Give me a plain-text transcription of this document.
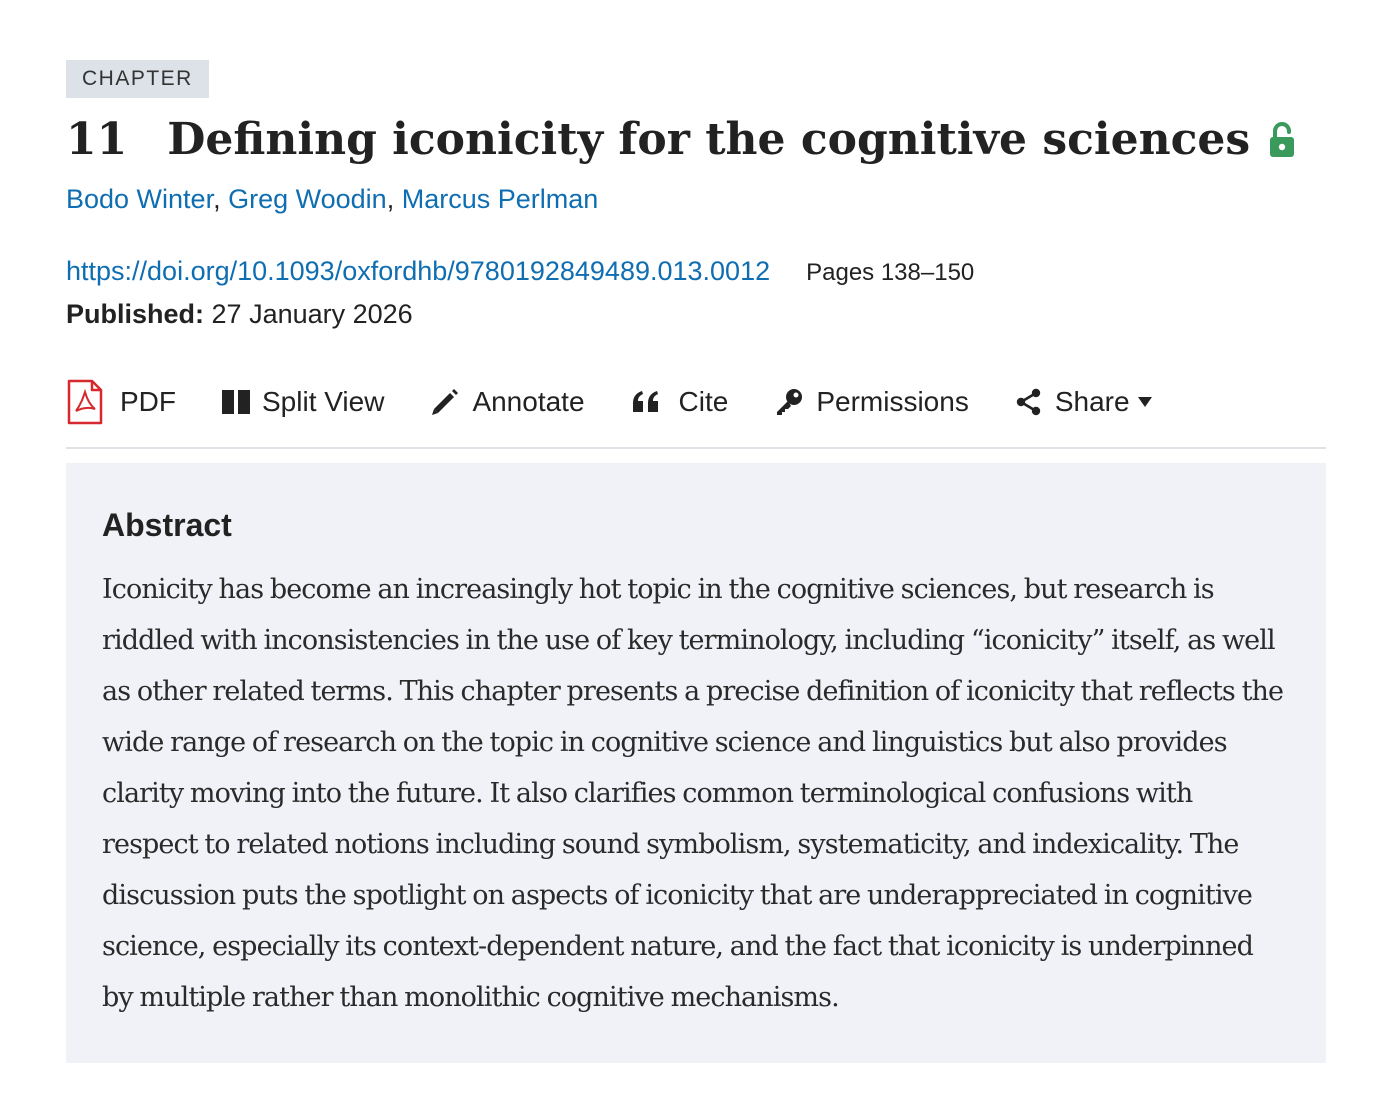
CHAPTER
11 Defining iconicity for the cognitive sciences
Bodo Winter, Greg Woodin, Marcus Perlman
https://doi.org/10.1093/oxfordhb/9780192849489.013.0012 Pages 138–150
Published: 27 January 2026
PDF	Split View	Annotate	Cite	Permissions	Share
Abstract

Iconicity has become an increasingly hot topic in the cognitive sciences, but research is riddled with inconsistencies in the use of key terminology, including “iconicity” itself, as well as other related terms. This chapter presents a precise definition of iconicity that reflects the wide range of research on the topic in cognitive science and linguistics but also provides clarity moving into the future. It also clarifies common terminological confusions with respect to related notions including sound symbolism, systematicity, and indexicality. The discussion puts the spotlight on aspects of iconicity that are underappreciated in cognitive science, especially its context-dependent nature, and the fact that iconicity is underpinned by multiple rather than monolithic cognitive mechanisms.
